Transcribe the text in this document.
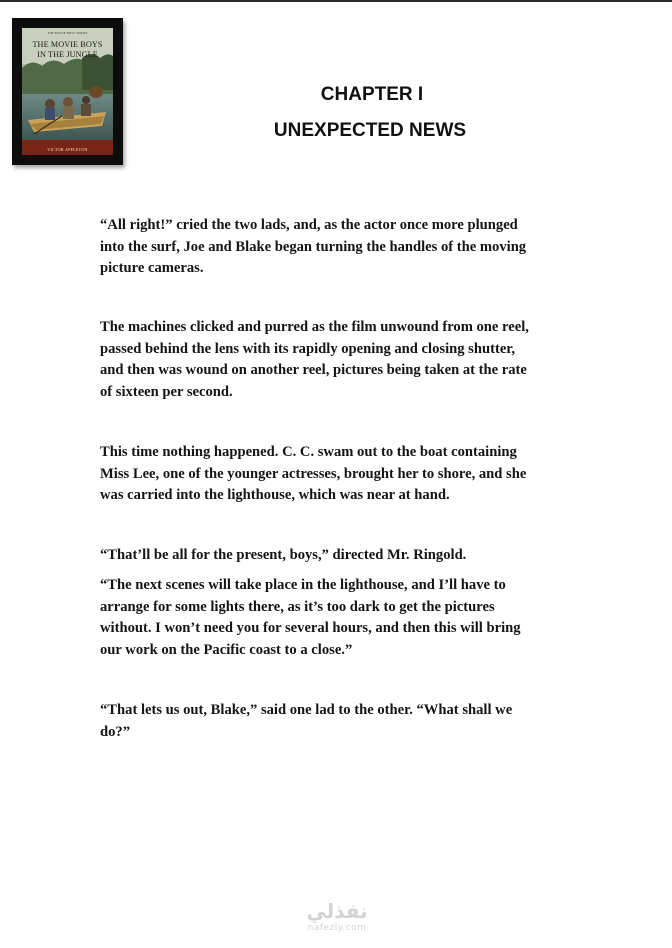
THE MOVIE BOYS SERIES
THE MOVIE BOYS
IN THE JUNGLE
VICTOR APPLETON
CHAPTER I
UNEXPECTED NEWS

“All right!” cried the two lads, and, as the actor once more plunged
into the surf, Joe and Blake began turning the handles of the moving
picture cameras.

The machines clicked and purred as the film unwound from one reel,
passed behind the lens with its rapidly opening and closing shutter,
and then was wound on another reel, pictures being taken at the rate
of sixteen per second.

This time nothing happened. C. C. swam out to the boat containing
Miss Lee, one of the younger actresses, brought her to shore, and she
was carried into the lighthouse, which was near at hand.

“That’ll be all for the present, boys,” directed Mr. Ringold.

“The next scenes will take place in the lighthouse, and I’ll have to
arrange for some lights there, as it’s too dark to get the pictures
without. I won’t need you for several hours, and then this will bring
our work on the Pacific coast to a close.”

“That lets us out, Blake,” said one lad to the other. “What shall we
do?”

نفذلي
nafezly.com
